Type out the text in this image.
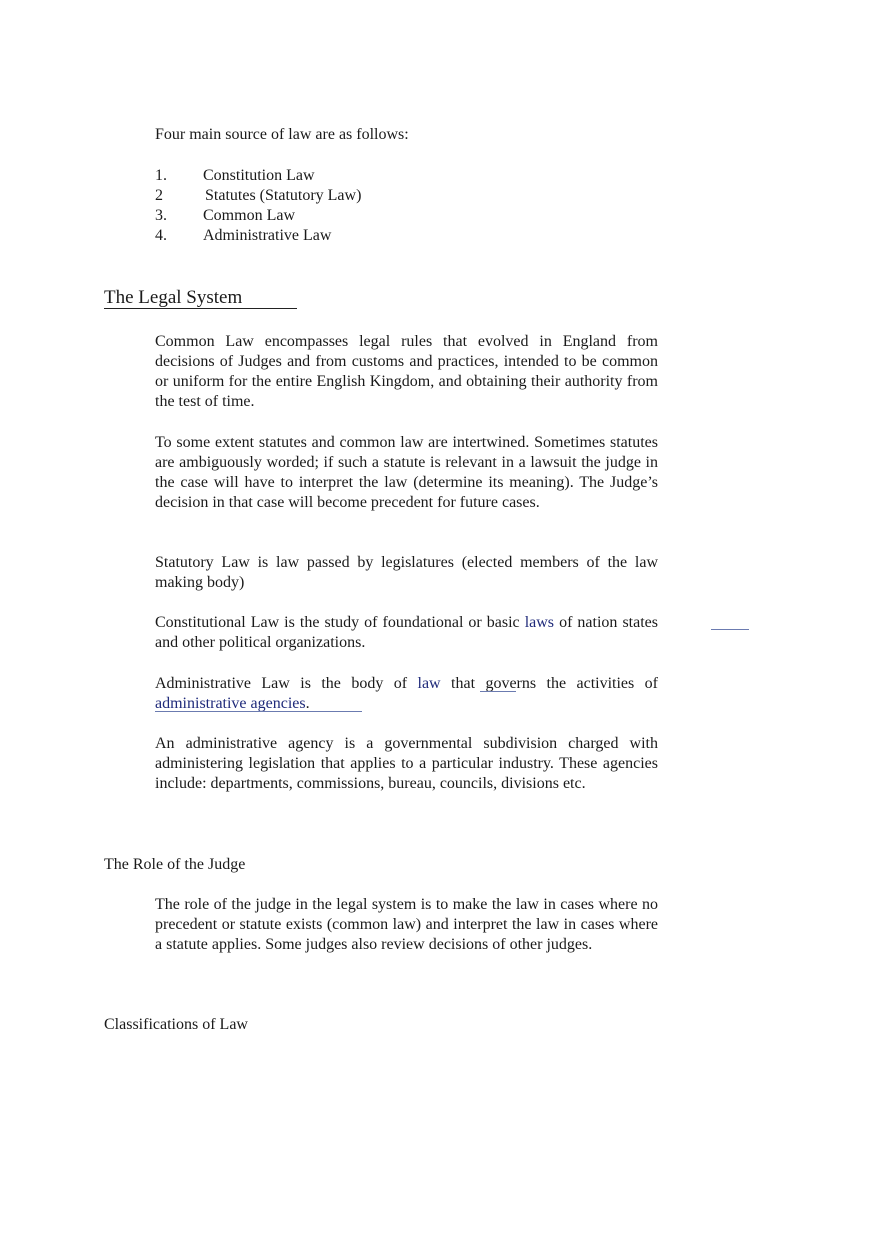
Four main source of law are as follows:

1. Constitution Law
2	Statutes (Statutory Law)
3. Common Law
4. Administrative Law
The Legal System

Common Law encompasses legal rules that evolved in England from decisions of Judges and from customs and practices, intended to be common or uniform for the entire English Kingdom, and obtaining their authority from the test of time.

To some extent statutes and common law are intertwined. Sometimes statutes are ambiguously worded; if such a statute is relevant in a lawsuit the judge in the case will have to interpret the law (determine its meaning). The Judge’s decision in that case will become precedent for future cases.

Statutory Law is law passed by legislatures (elected members of the law making body)

Constitutional Law is the study of foundational or basic laws of nation states and other political organizations.

Administrative Law is the body of law that governs the activities of administrative agencies.

An administrative agency is a governmental subdivision charged with administering legislation that applies to a particular industry. These agencies include: departments, commissions, bureau, councils, divisions etc.

The Role of the Judge

The role of the judge in the legal system is to make the law in cases where no precedent or statute exists (common law) and interpret the law in cases where a statute applies. Some judges also review decisions of other judges.

Classifications of Law
